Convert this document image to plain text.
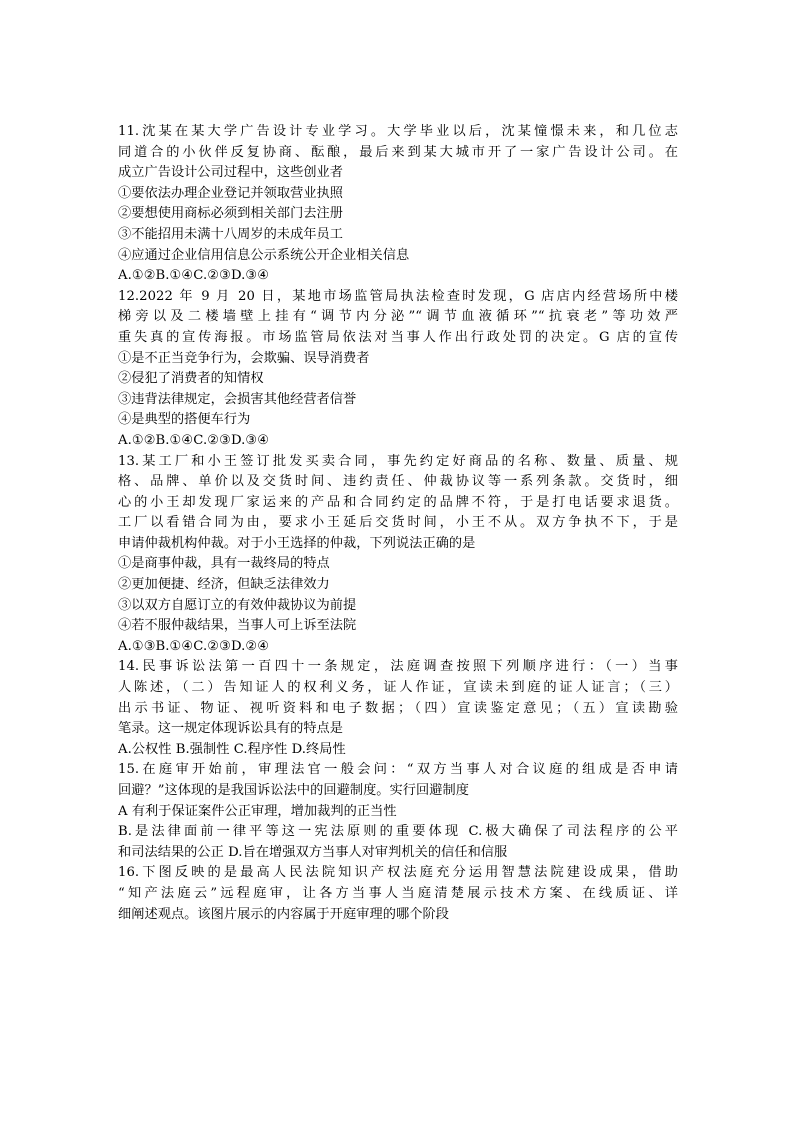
11.沈某在某大学广告设计专业学习。大学毕业以后，沈某憧憬未来，和几位志
同道合的小伙伴反复协商、酝酿，最后来到某大城市开了一家广告设计公司。在
成立广告设计公司过程中，这些创业者
①要依法办理企业登记并领取营业执照
②要想使用商标必须到相关部门去注册
③不能招用未满十八周岁的未成年员工
④应通过企业信用信息公示系统公开企业相关信息
A.①②B.①④C.②③D.③④
12.2022 年 9 月 20 日，某地市场监管局执法检查时发现，G 店店内经营场所中楼
梯旁以及二楼墙壁上挂有“调节内分泌”“调节血液循环”“抗衰老”等功效严
重失真的宣传海报。市场监管局依法对当事人作出行政处罚的决定。G 店的宣传
①是不正当竞争行为，会欺骗、误导消费者
②侵犯了消费者的知情权
③违背法律规定，会损害其他经营者信誉
④是典型的搭便车行为
A.①②B.①④C.②③D.③④
13.某工厂和小王签订批发买卖合同，事先约定好商品的名称、数量、质量、规
格、品牌、单价以及交货时间、违约责任、仲裁协议等一系列条款。交货时，细
心的小王却发现厂家运来的产品和合同约定的品牌不符，于是打电话要求退货。
工厂以看错合同为由，要求小王延后交货时间，小王不从。双方争执不下，于是
申请仲裁机构仲裁。对于小王选择的仲裁，下列说法正确的是
①是商事仲裁，具有一裁终局的特点
②更加便捷、经济，但缺乏法律效力
③以双方自愿订立的有效仲裁协议为前提
④若不服仲裁结果，当事人可上诉至法院
A.①③B.①④C.②③D.②④
14.民事诉讼法第一百四十一条规定，法庭调查按照下列顺序进行：（一）当事
人陈述，（二）告知证人的权利义务，证人作证，宣读未到庭的证人证言；（三）
出示书证、物证、视听资料和电子数据；（四）宣读鉴定意见；（五）宣读勘验
笔录。这一规定体现诉讼具有的特点是
A.公权性 B.强制性 C.程序性 D.终局性
15.在庭审开始前，审理法官一般会问：“双方当事人对合议庭的组成是否申请
回避？”这体现的是我国诉讼法中的回避制度。实行回避制度
A 有利于保证案件公正审理，增加裁判的正当性
B.是法律面前一律平等这一宪法原则的重要体现 C.极大确保了司法程序的公平
和司法结果的公正 D.旨在增强双方当事人对审判机关的信任和信服
16.下图反映的是最高人民法院知识产权法庭充分运用智慧法院建设成果，借助
“知产法庭云”远程庭审，让各方当事人当庭清楚展示技术方案、在线质证、详
细阐述观点。该图片展示的内容属于开庭审理的哪个阶段
